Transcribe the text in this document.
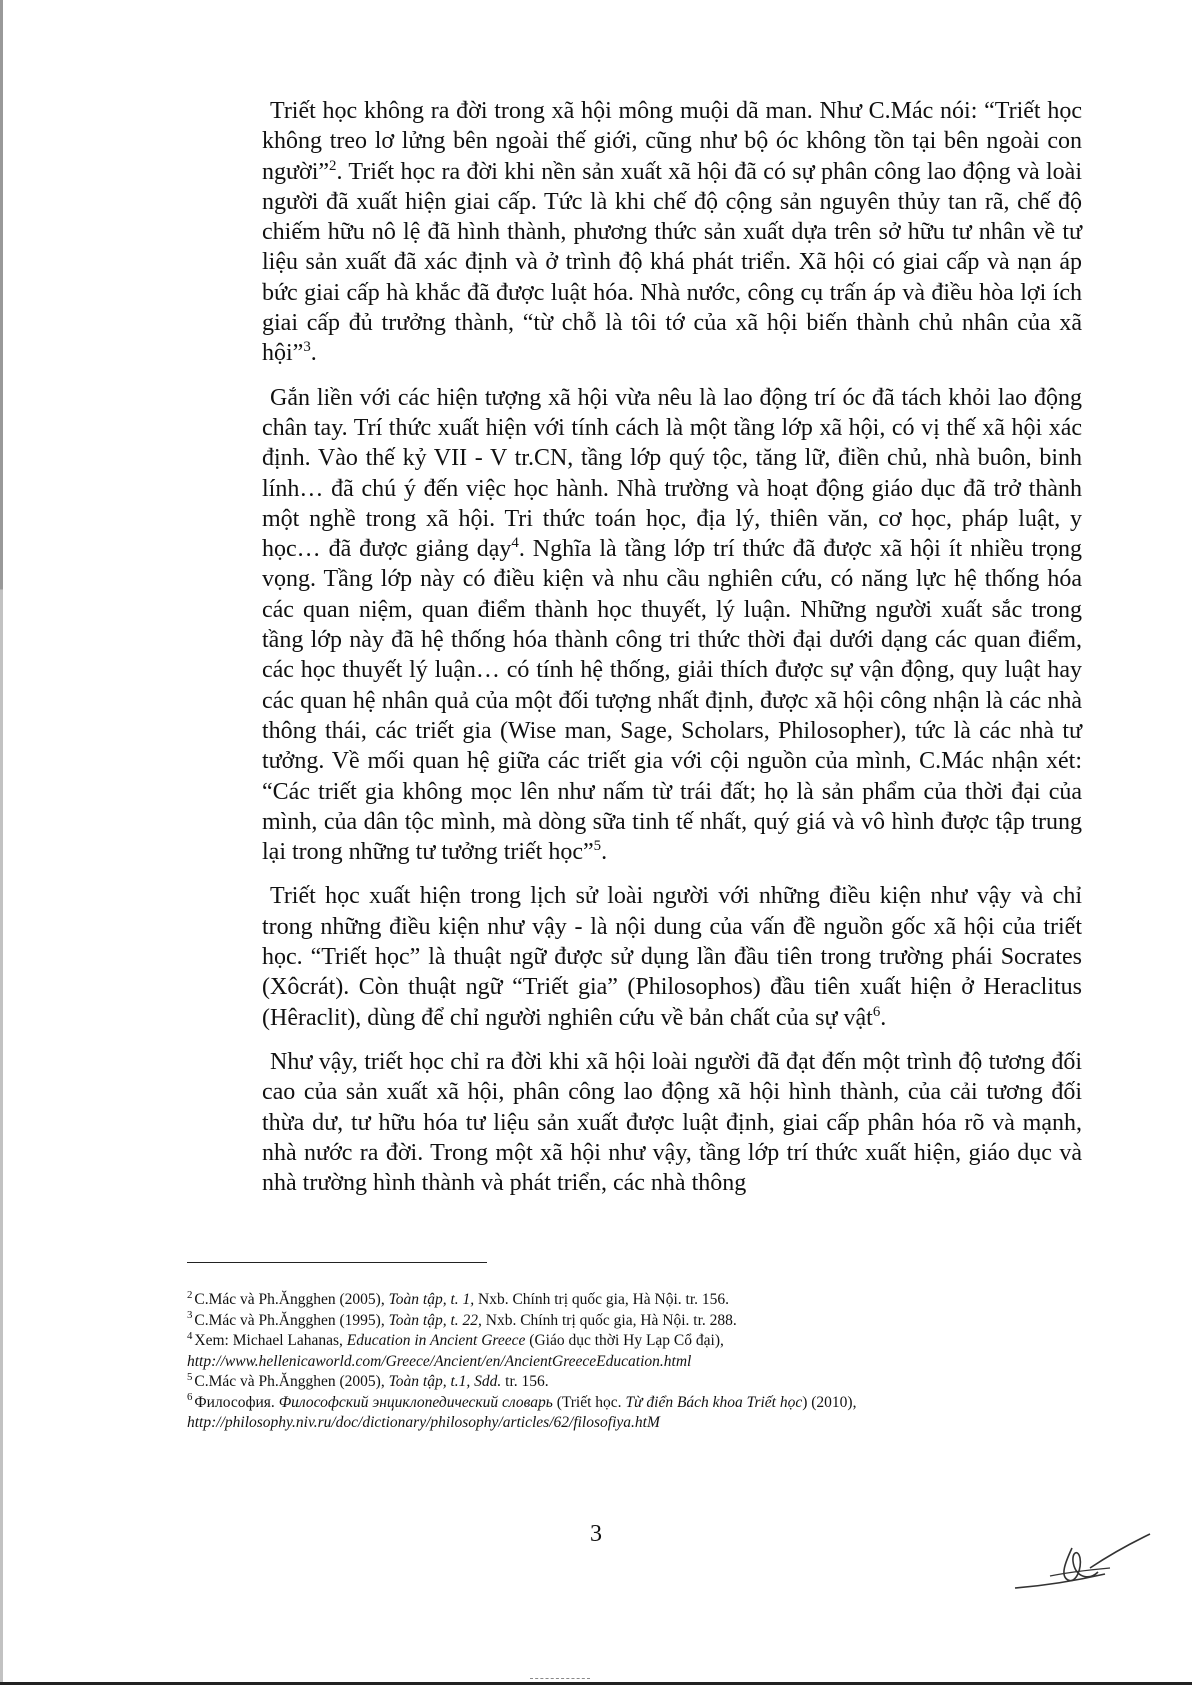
Triết học không ra đời trong xã hội mông muội dã man. Như C.Mác nói: “Triết học không treo lơ lửng bên ngoài thế giới, cũng như bộ óc không tồn tại bên ngoài con người”$^2$. Triết học ra đời khi nền sản xuất xã hội đã có sự phân công lao động và loài người đã xuất hiện giai cấp. Tức là khi chế độ cộng sản nguyên thủy tan rã, chế độ chiếm hữu nô lệ đã hình thành, phương thức sản xuất dựa trên sở hữu tư nhân về tư liệu sản xuất đã xác định và ở trình độ khá phát triển. Xã hội có giai cấp và nạn áp bức giai cấp hà khắc đã được luật hóa. Nhà nước, công cụ trấn áp và điều hòa lợi ích giai cấp đủ trưởng thành, “từ chỗ là tôi tớ của xã hội biến thành chủ nhân của xã hội”$^3$.

Gắn liền với các hiện tượng xã hội vừa nêu là lao động trí óc đã tách khỏi lao động chân tay. Trí thức xuất hiện với tính cách là một tầng lớp xã hội, có vị thế xã hội xác định. Vào thế kỷ VII - V tr.CN, tầng lớp quý tộc, tăng lữ, điền chủ, nhà buôn, binh lính… đã chú ý đến việc học hành. Nhà trường và hoạt động giáo dục đã trở thành một nghề trong xã hội. Tri thức toán học, địa lý, thiên văn, cơ học, pháp luật, y học… đã được giảng dạy$^4$. Nghĩa là tầng lớp trí thức đã được xã hội ít nhiều trọng vọng. Tầng lớp này có điều kiện và nhu cầu nghiên cứu, có năng lực hệ thống hóa các quan niệm, quan điểm thành học thuyết, lý luận. Những người xuất sắc trong tầng lớp này đã hệ thống hóa thành công tri thức thời đại dưới dạng các quan điểm, các học thuyết lý luận… có tính hệ thống, giải thích được sự vận động, quy luật hay các quan hệ nhân quả của một đối tượng nhất định, được xã hội công nhận là các nhà thông thái, các triết gia (Wise man, Sage, Scholars, Philosopher), tức là các nhà tư tưởng. Về mối quan hệ giữa các triết gia với cội nguồn của mình, C.Mác nhận xét: “Các triết gia không mọc lên như nấm từ trái đất; họ là sản phẩm của thời đại của mình, của dân tộc mình, mà dòng sữa tinh tế nhất, quý giá và vô hình được tập trung lại trong những tư tưởng triết học”$^5$.

Triết học xuất hiện trong lịch sử loài người với những điều kiện như vậy và chỉ trong những điều kiện như vậy - là nội dung của vấn đề nguồn gốc xã hội của triết học. “Triết học” là thuật ngữ được sử dụng lần đầu tiên trong trường phái Socrates (Xôcrát). Còn thuật ngữ “Triết gia” (Philosophos) đầu tiên xuất hiện ở Heraclitus (Hêraclit), dùng để chỉ người nghiên cứu về bản chất của sự vật$^6$.

Như vậy, triết học chỉ ra đời khi xã hội loài người đã đạt đến một trình độ tương đối cao của sản xuất xã hội, phân công lao động xã hội hình thành, của cải tương đối thừa dư, tư hữu hóa tư liệu sản xuất được luật định, giai cấp phân hóa rõ và mạnh, nhà nước ra đời. Trong một xã hội như vậy, tầng lớp trí thức xuất hiện, giáo dục và nhà trường hình thành và phát triển, các nhà thông

$^2$ C.Mác và Ph.Ăngghen (2005), Toàn tập, t. 1, Nxb. Chính trị quốc gia, Hà Nội. tr. 156.

$^3$ C.Mác và Ph.Ăngghen (1995), Toàn tập, t. 22, Nxb. Chính trị quốc gia, Hà Nội. tr. 288.

$^4$ Xem: Michael Lahanas, Education in Ancient Greece (Giáo dục thời Hy Lạp Cổ đại),
http://www.hellenicaworld.com/Greece/Ancient/en/AncientGreeceEducation.html

$^5$ C.Mác và Ph.Ăngghen (2005), Toàn tập, t.1, Sdd. tr. 156.

$^6$ Философия. Философский энциклопедический словарь (Triết học. Từ điển Bách khoa Triết học) (2010),
http://philosophy.niv.ru/doc/dictionary/philosophy/articles/62/filosofiya.htM

3
